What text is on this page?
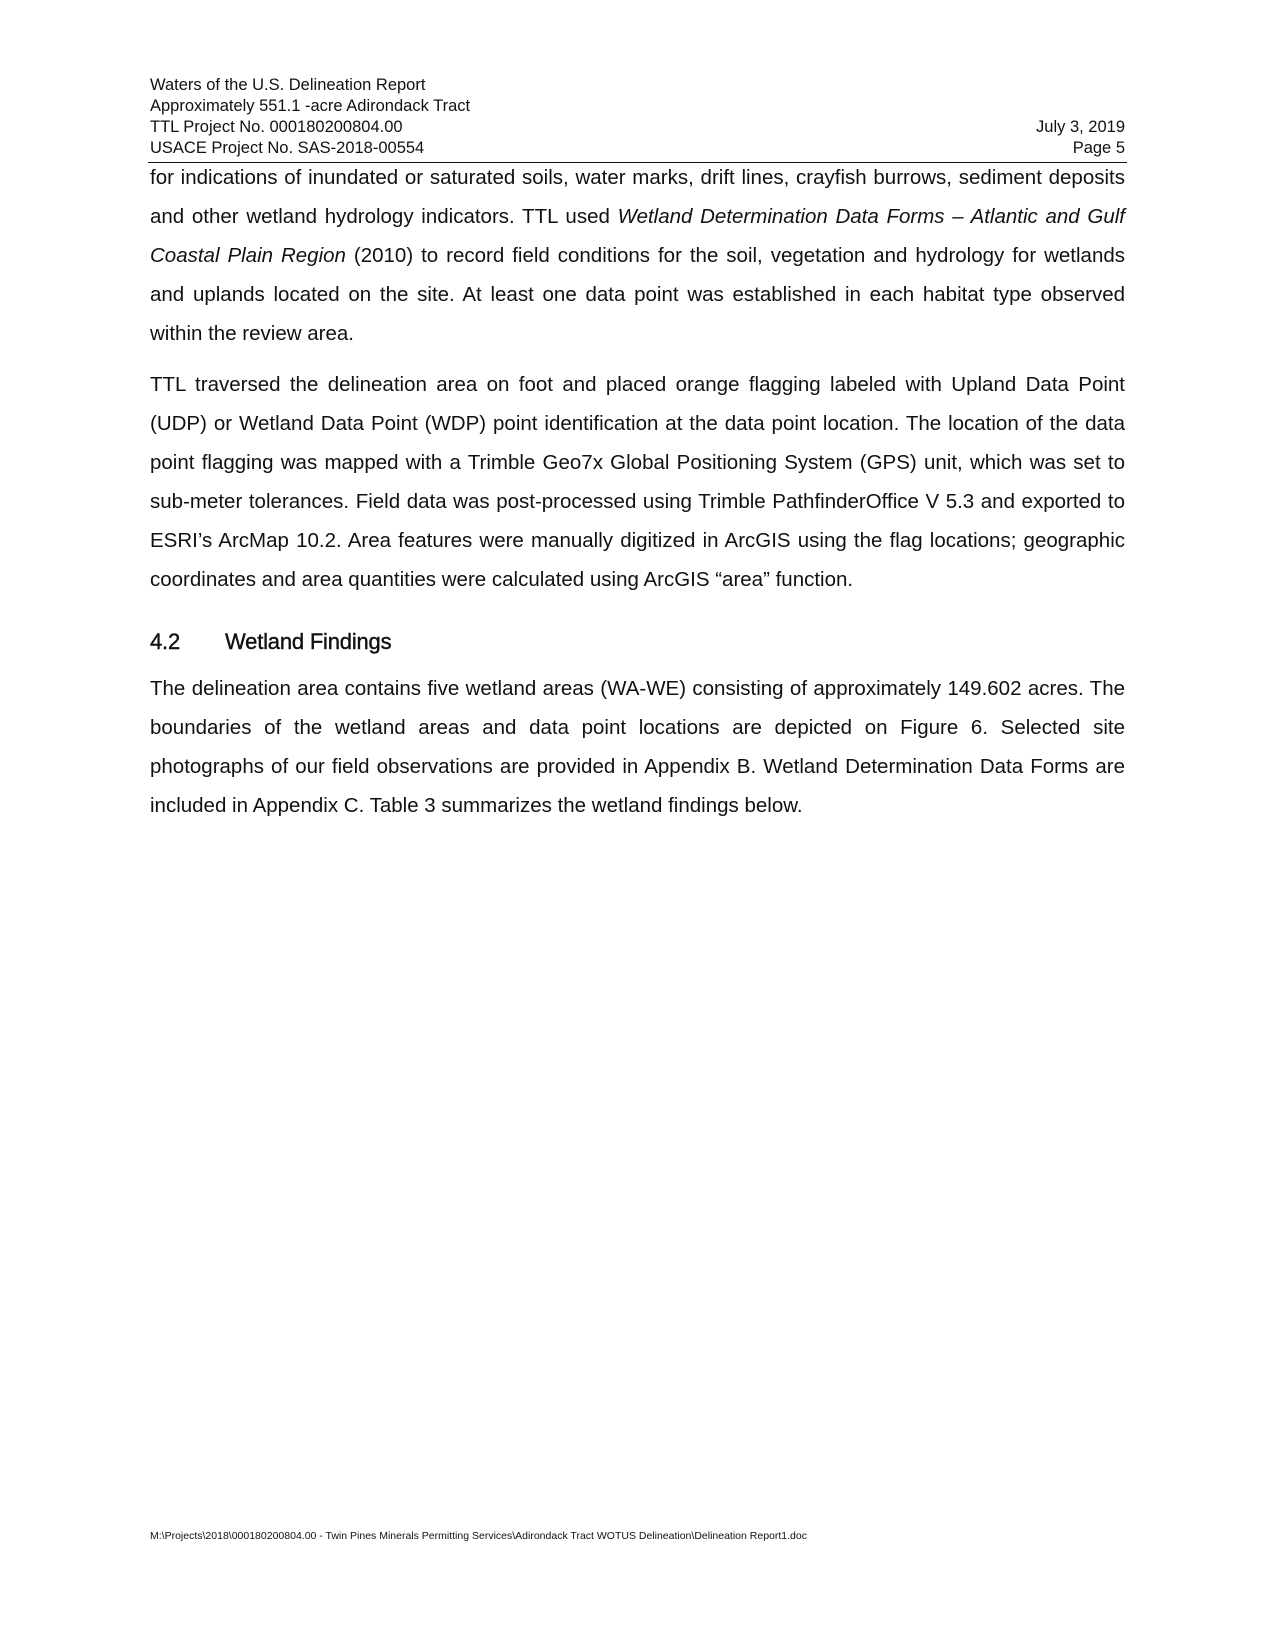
Waters of the U.S. Delineation Report
Approximately 551.1 -acre Adirondack Tract
TTL Project No. 000180200804.00	July 3, 2019
USACE Project No. SAS-2018-00554	Page 5

for indications of inundated or saturated soils, water marks, drift lines, crayfish burrows, sediment deposits and other wetland hydrology indicators. TTL used Wetland Determination Data Forms – Atlantic and Gulf Coastal Plain Region (2010) to record field conditions for the soil, vegetation and hydrology for wetlands and uplands located on the site. At least one data point was established in each habitat type observed within the review area.

TTL traversed the delineation area on foot and placed orange flagging labeled with Upland Data Point (UDP) or Wetland Data Point (WDP) point identification at the data point location. The location of the data point flagging was mapped with a Trimble Geo7x Global Positioning System (GPS) unit, which was set to sub-meter tolerances. Field data was post-processed using Trimble PathfinderOffice V 5.3 and exported to ESRI’s ArcMap 10.2. Area features were manually digitized in ArcGIS using the flag locations; geographic coordinates and area quantities were calculated using ArcGIS “area” function.

4.2	Wetland Findings

The delineation area contains five wetland areas (WA-WE) consisting of approximately 149.602 acres. The boundaries of the wetland areas and data point locations are depicted on Figure 6. Selected site photographs of our field observations are provided in Appendix B. Wetland Determination Data Forms are included in Appendix C. Table 3 summarizes the wetland findings below.

M:\Projects\2018\000180200804.00 - Twin Pines Minerals Permitting Services\Adirondack Tract WOTUS Delineation\Delineation Report1.doc
